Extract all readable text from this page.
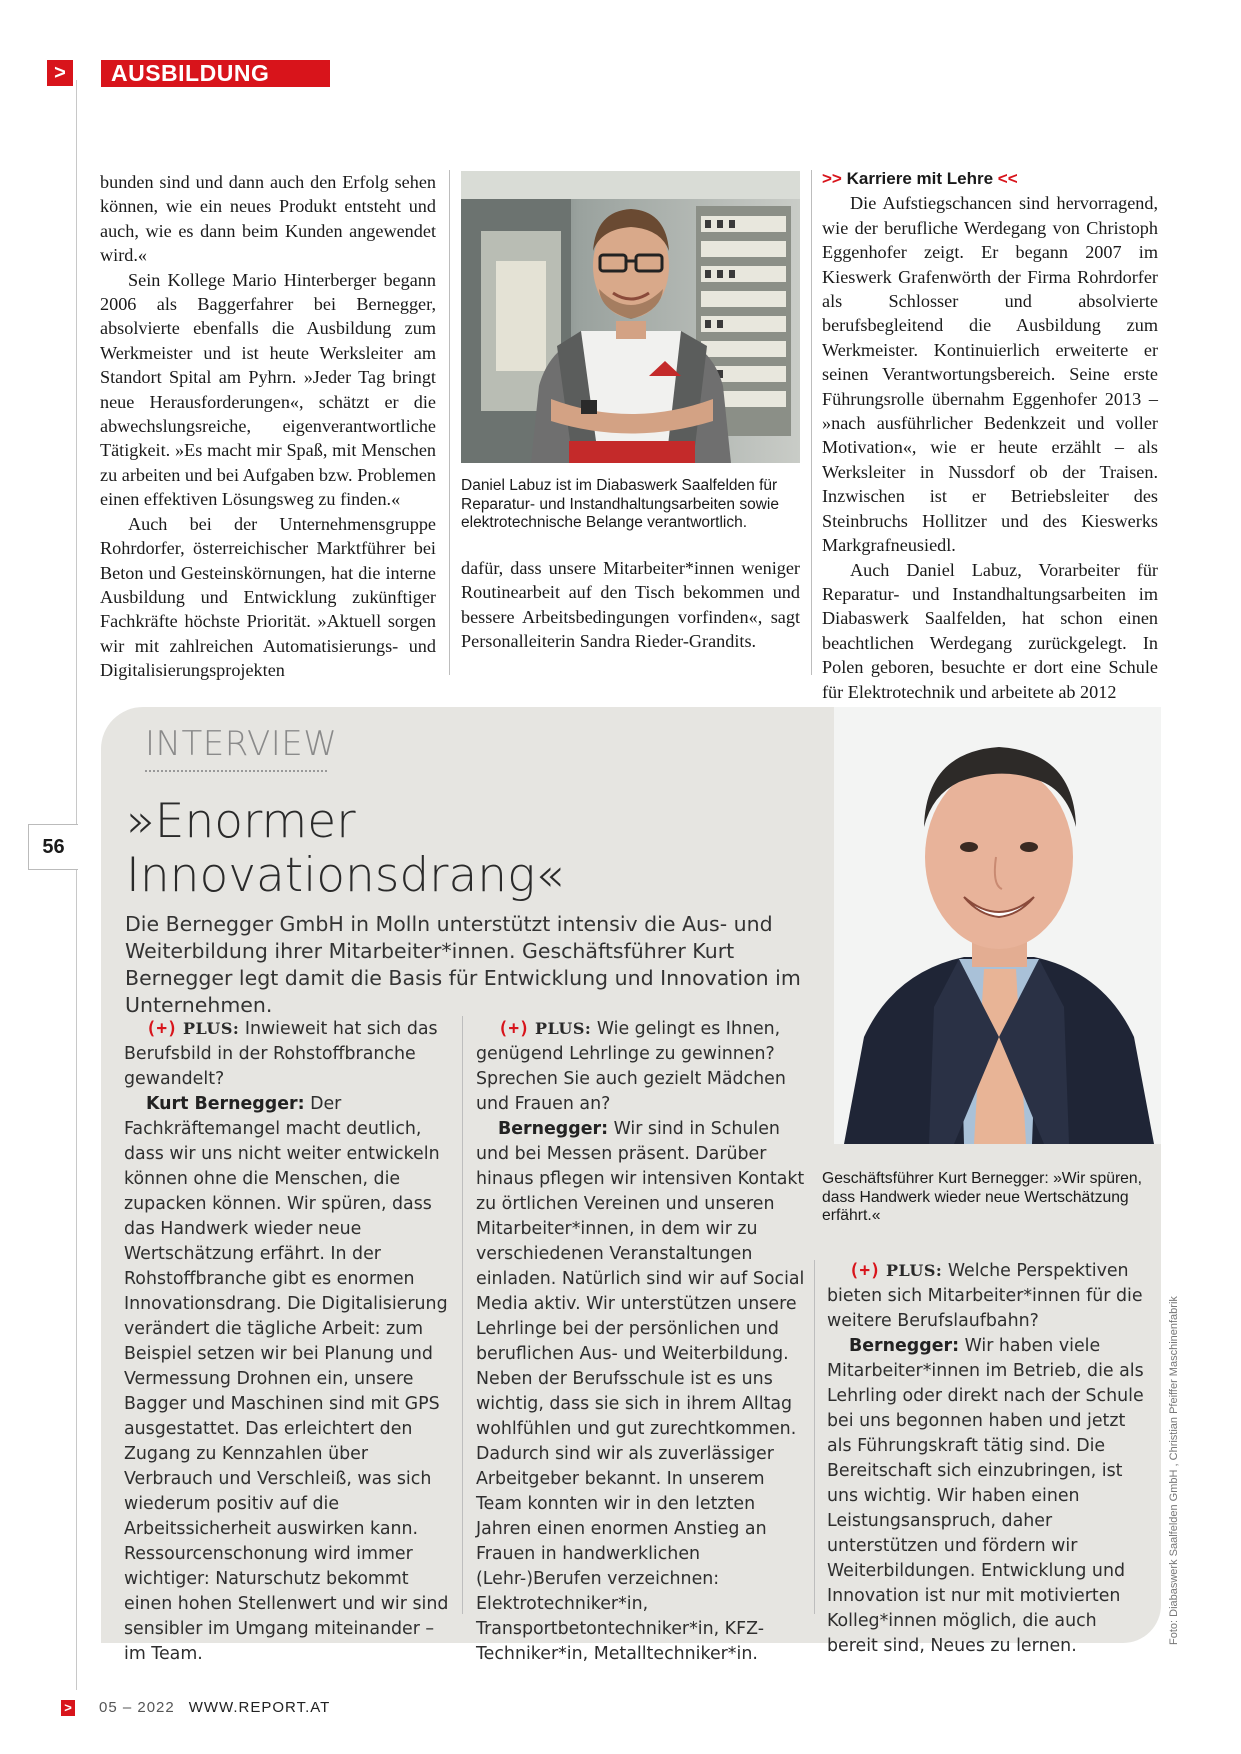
>	AUSBILDUNG

bunden sind und dann auch den Erfolg sehen können, wie ein neues Produkt entsteht und auch, wie es dann beim Kunden angewendet wird.«

Sein Kollege Mario Hinterberger begann 2006 als Baggerfahrer bei Bernegger, absolvierte ebenfalls die Ausbildung zum Werkmeister und ist heute Werksleiter am Standort Spital am Pyhrn. »Jeder Tag bringt neue Herausforderungen«, schätzt er die abwechslungsreiche, eigenverantwortliche Tätigkeit. »Es macht mir Spaß, mit Menschen zu arbeiten und bei Aufgaben bzw. Problemen einen effektiven Lösungsweg zu finden.«

Auch bei der Unternehmensgruppe Rohrdorfer, österreichischer Marktführer bei Beton und Gesteinskörnungen, hat die interne Ausbildung und Entwicklung zukünftiger Fachkräfte höchste Priorität. »Aktuell sorgen wir mit zahlreichen Automatisierungs- und Digitalisierungsprojekten

Daniel Labuz ist im Diabaswerk Saalfelden für Reparatur- und Instandhaltungsarbeiten sowie elektrotechnische Belange verantwortlich.

dafür, dass unsere Mitarbeiter*innen weniger Routinearbeit auf den Tisch bekommen und bessere Arbeitsbedingungen vorfinden«, sagt Personalleiterin Sandra Rieder-Grandits.

>> Karriere mit Lehre <<

Die Aufstiegschancen sind hervorragend, wie der berufliche Werdegang von Christoph Eggenhofer zeigt. Er begann 2007 im Kieswerk Grafenwörth der Firma Rohrdorfer als Schlosser und absolvierte berufsbegleitend die Ausbildung zum Werkmeister. Kontinuierlich erweiterte er seinen Verantwortungsbereich. Seine erste Führungsrolle übernahm Eggenhofer 2013 – »nach ausführlicher Bedenkzeit und voller Motivation«, wie er heute erzählt – als Werksleiter in Nussdorf ob der Traisen. Inzwischen ist er Betriebsleiter des Steinbruchs Hollitzer und des Kieswerks Markgrafneusiedl.

Auch Daniel Labuz, Vorarbeiter für Reparatur- und Instandhaltungsarbeiten im Diabaswerk Saalfelden, hat schon einen beachtlichen Werdegang zurückgelegt. In Polen geboren, besuchte er dort eine Schule für Elektrotechnik und arbeitete ab 2012

56
INTERVIEW
»Enormer
Innovationsdrang«
Die Bernegger GmbH in Molln unterstützt intensiv die Aus- und Weiterbildung ihrer Mitarbeiter*innen. Geschäftsführer Kurt Bernegger legt damit die Basis für Entwicklung und Innovation im Unternehmen.
Geschäftsführer Kurt Bernegger: »Wir spüren, dass Handwerk wieder neue Wertschätzung erfährt.«

(+) PLUS: Inwieweit hat sich das Berufsbild in der Rohstoffbranche gewandelt?

Kurt Bernegger: Der Fachkräftemangel macht deutlich, dass wir uns nicht weiter entwickeln können ohne die Menschen, die zupacken können. Wir spüren, dass das Handwerk wieder neue Wertschätzung erfährt. In der Rohstoffbranche gibt es enormen Innovationsdrang. Die Digitalisierung verändert die tägliche Arbeit: zum Beispiel setzen wir bei Planung und Vermessung Drohnen ein, unsere Bagger und Maschinen sind mit GPS ausgestattet. Das erleichtert den Zugang zu Kennzahlen über Verbrauch und Verschleiß, was sich wiederum positiv auf die Arbeitssicherheit auswirken kann. Ressourcenschonung wird immer wichtiger: Naturschutz bekommt einen hohen Stellenwert und wir sind sensibler im Umgang miteinander – im Team.

(+) PLUS: Wie gelingt es Ihnen, genügend Lehrlinge zu gewinnen? Sprechen Sie auch gezielt Mädchen und Frauen an?

Bernegger: Wir sind in Schulen und bei Messen präsent. Darüber hinaus pflegen wir intensiven Kontakt zu örtlichen Vereinen und unseren Mitarbeiter*innen, in dem wir zu verschiedenen Veranstaltungen einladen. Natürlich sind wir auf Social Media aktiv. Wir unterstützen unsere Lehrlinge bei der persönlichen und beruflichen Aus- und Weiterbildung. Neben der Berufsschule ist es uns wichtig, dass sie sich in ihrem Alltag wohlfühlen und gut zurechtkommen. Dadurch sind wir als zuverlässiger Arbeitgeber bekannt. In unserem Team konnten wir in den letzten Jahren einen enormen Anstieg an Frauen in handwerklichen (Lehr-)Berufen verzeichnen: Elektrotechniker*in, Transportbetontechniker*in, KFZ-Techniker*in, Metalltechniker*in.

(+) PLUS: Welche Perspektiven bieten sich Mitarbeiter*innen für die weitere Berufslaufbahn?

Bernegger: Wir haben viele Mitarbeiter*innen im Betrieb, die als Lehrling oder direkt nach der Schule bei uns begonnen haben und jetzt als Führungskraft tätig sind. Die Bereitschaft sich einzubringen, ist uns wichtig. Wir haben einen Leistungsanspruch, daher unterstützen und fördern wir Weiterbildungen. Entwicklung und Innovation ist nur mit motivierten Kolleg*innen möglich, die auch bereit sind, Neues zu lernen.

Foto: Diabaswerk Saalfelden GmbH , Christian Pfeiffer Maschinenfabrik
> 05 – 2022 WWW.REPORT.AT
